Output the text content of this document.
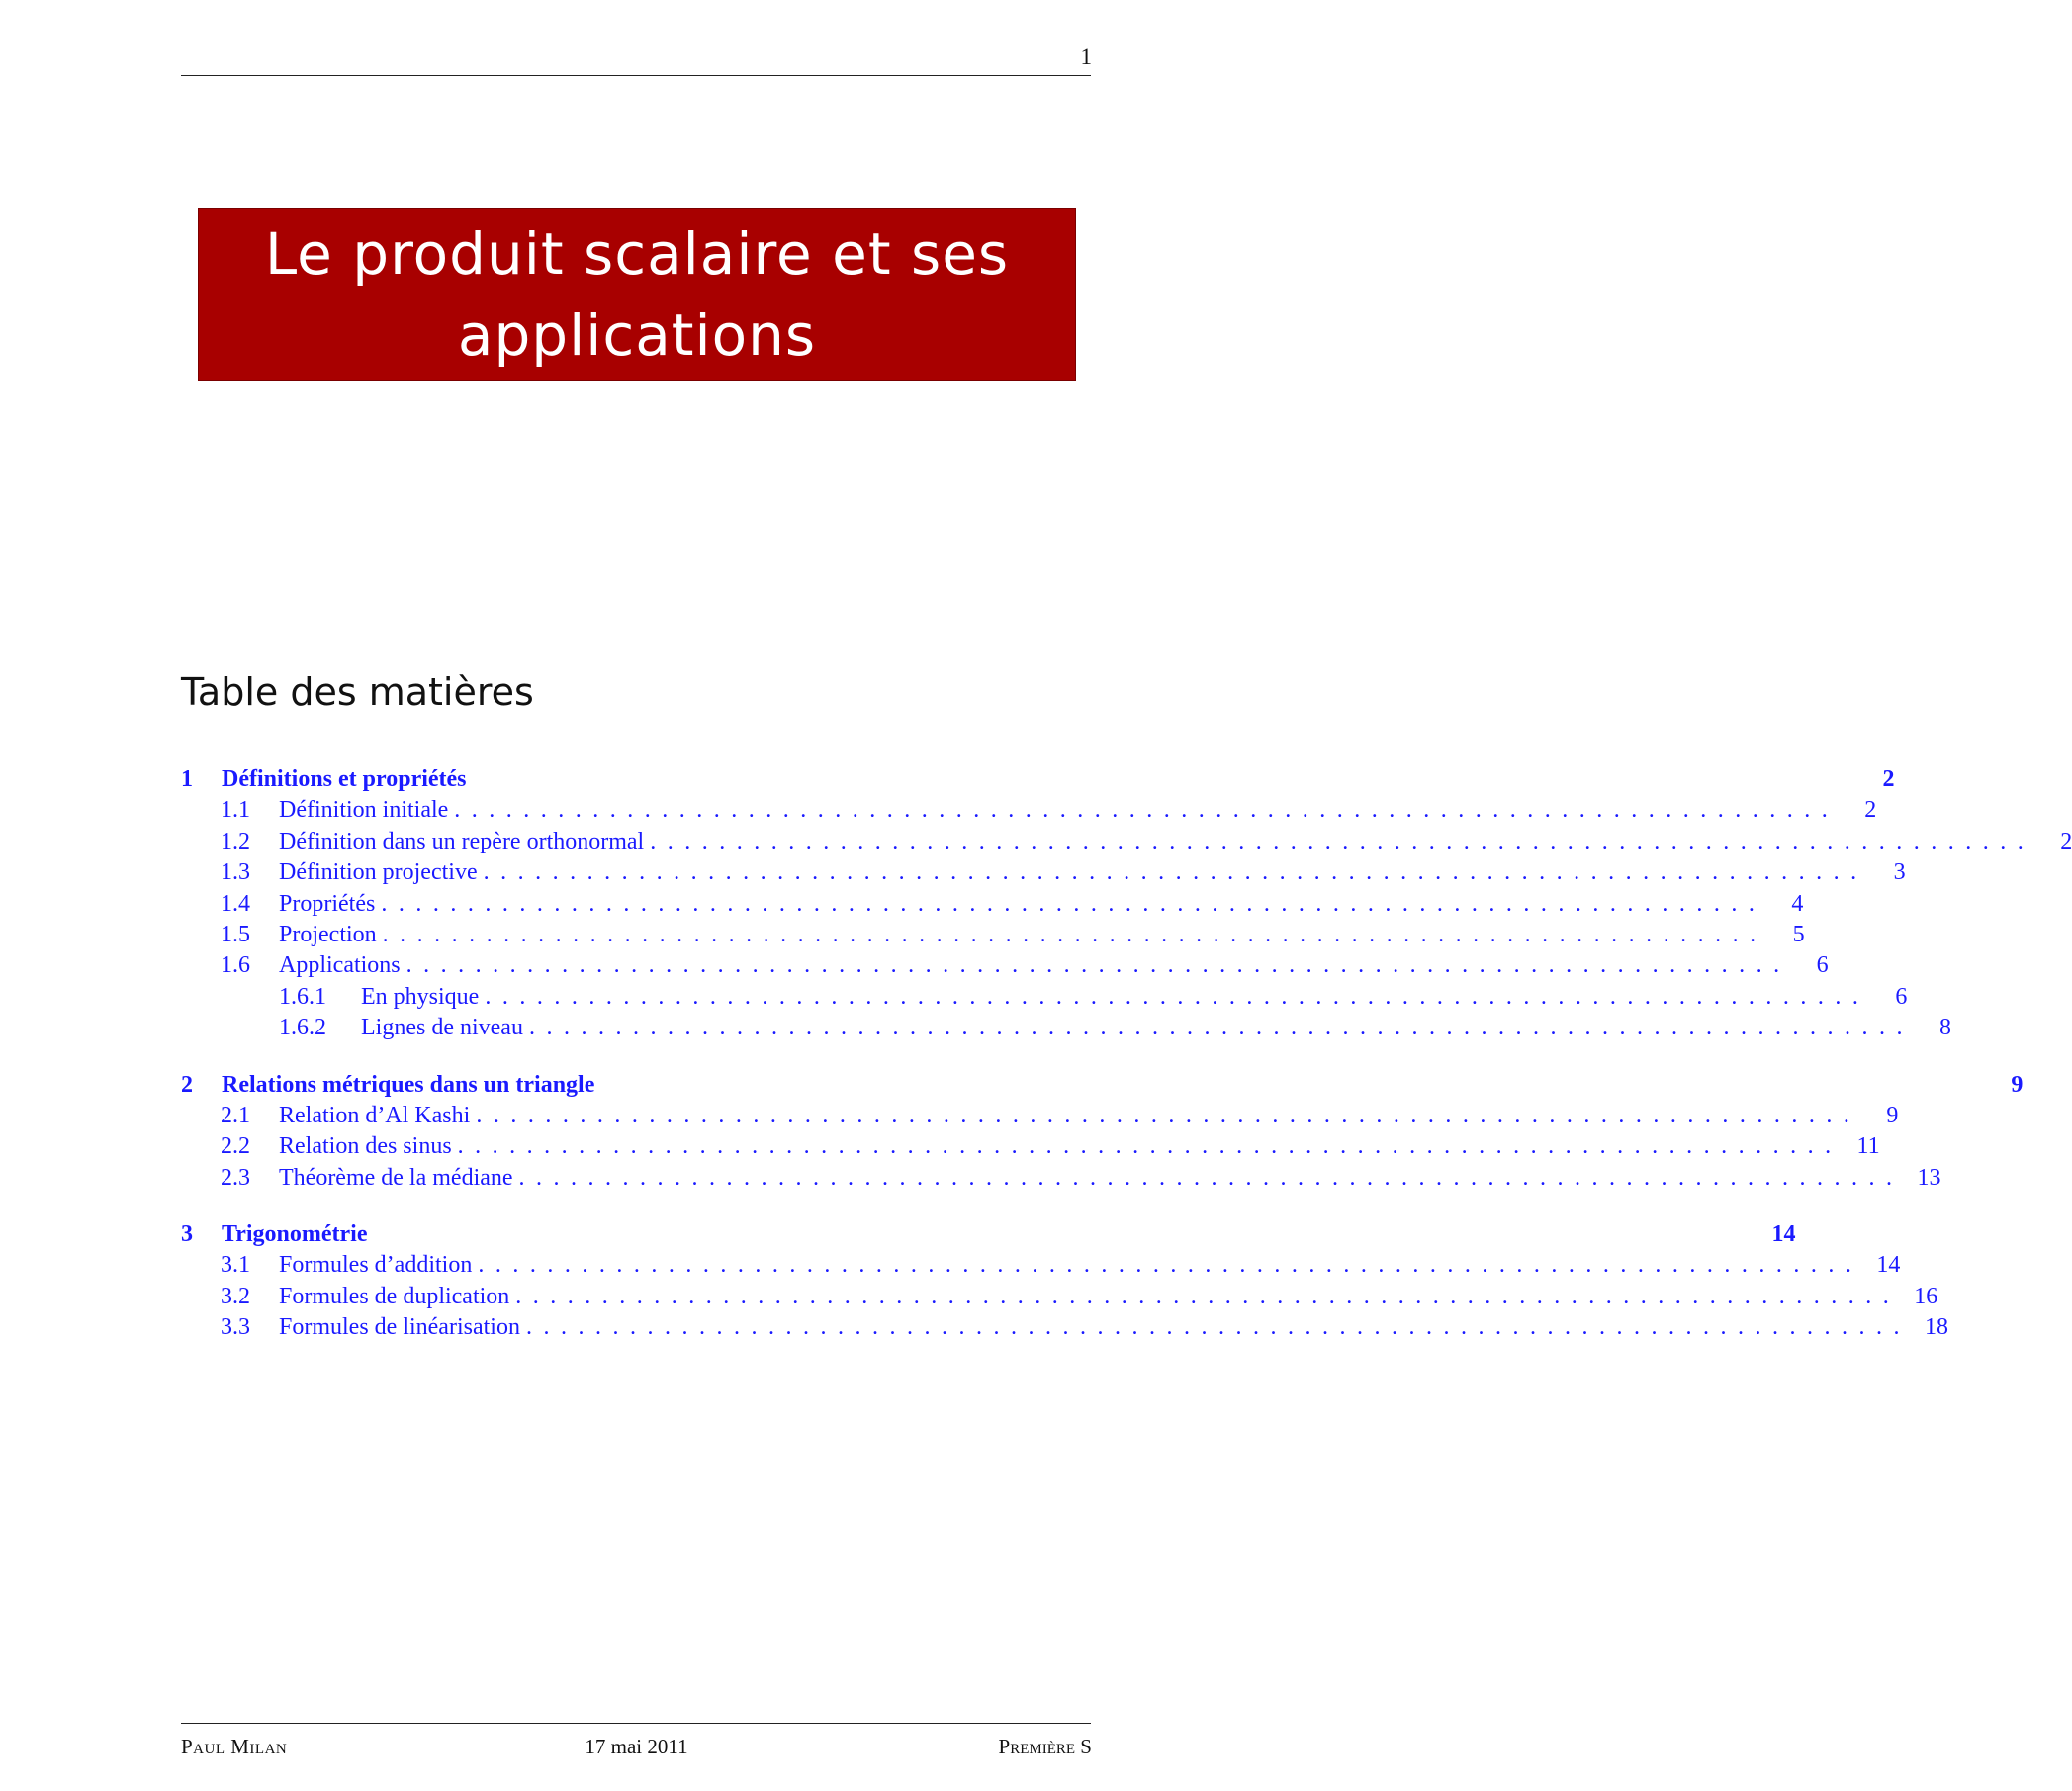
1
Le produit scalaire et ses applications
Table des matières
1	Définitions et propriétés	2
1.1	Définition initiale ................................................................................	2
1.2	Définition dans un repère orthonormal ................................................................................	2
1.3	Définition projective ................................................................................	3
1.4	Propriétés ................................................................................	4
1.5	Projection ................................................................................	5
1.6	Applications ................................................................................	6
1.6.1	En physique ................................................................................	6
1.6.2	Lignes de niveau ................................................................................	8
2	Relations métriques dans un triangle	9
2.1	Relation d’Al Kashi ................................................................................	9
2.2	Relation des sinus ................................................................................ 11
2.3	Théorème de la médiane ................................................................................ 13
3	Trigonométrie	14
3.1	Formules d’addition ................................................................................ 14
3.2	Formules de duplication ................................................................................ 16
3.3	Formules de linéarisation ................................................................................ 18
Paul Milan	17 mai 2011	Première S
